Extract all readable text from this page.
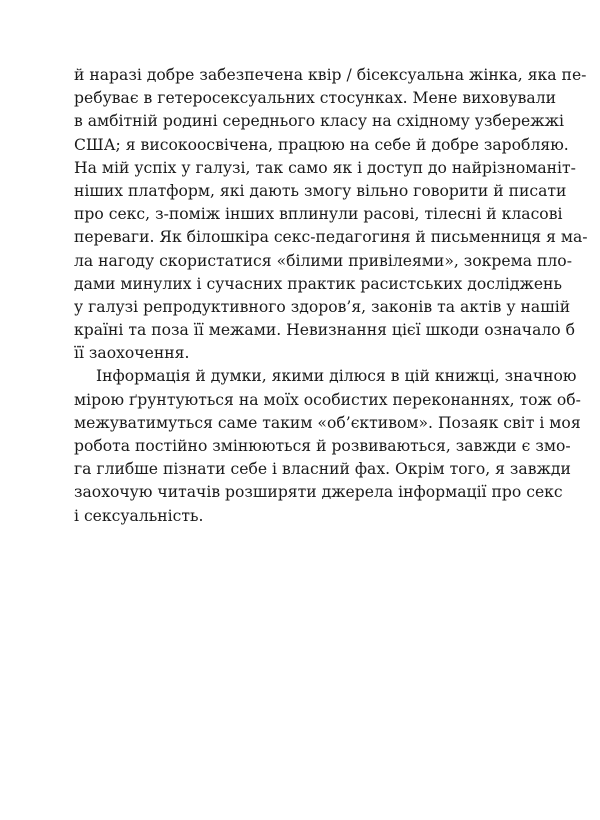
й наразі добре забезпечена квір / бісексуальна жінка, яка пе-
ребуває в гетеросексуальних стосунках. Мене виховували
в амбітній родині середнього класу на східному узбережжі
США; я високоосвічена, працюю на себе й добре заробляю.
На мій успіх у галузі, так само як і доступ до найрізноманіт-
ніших платформ, які дають змогу вільно говорити й писати
про секс, з-поміж інших вплинули расові, тілесні й класові
переваги. Як білошкіра секс-педагогиня й письменниця я ма-
ла нагоду скористатися «білими привілеями», зокрема пло-
дами минулих і сучасних практик расистських досліджень
у галузі репродуктивного здоров’я, законів та актів у нашій
країні та поза її межами. Невизнання цієї шкоди означало б
її заохочення.
Інформація й думки, якими ділюся в цій книжці, значною
мірою ґрунтуються на моїх особистих переконаннях, тож об-
межуватимуться саме таким «об’єктивом». Позаяк світ і моя
робота постійно змінюються й розвиваються, завжди є змо-
га глибше пізнати себе і власний фах. Окрім того, я завжди
заохочую читачів розширяти джерела інформації про секс
і сексуальність.
